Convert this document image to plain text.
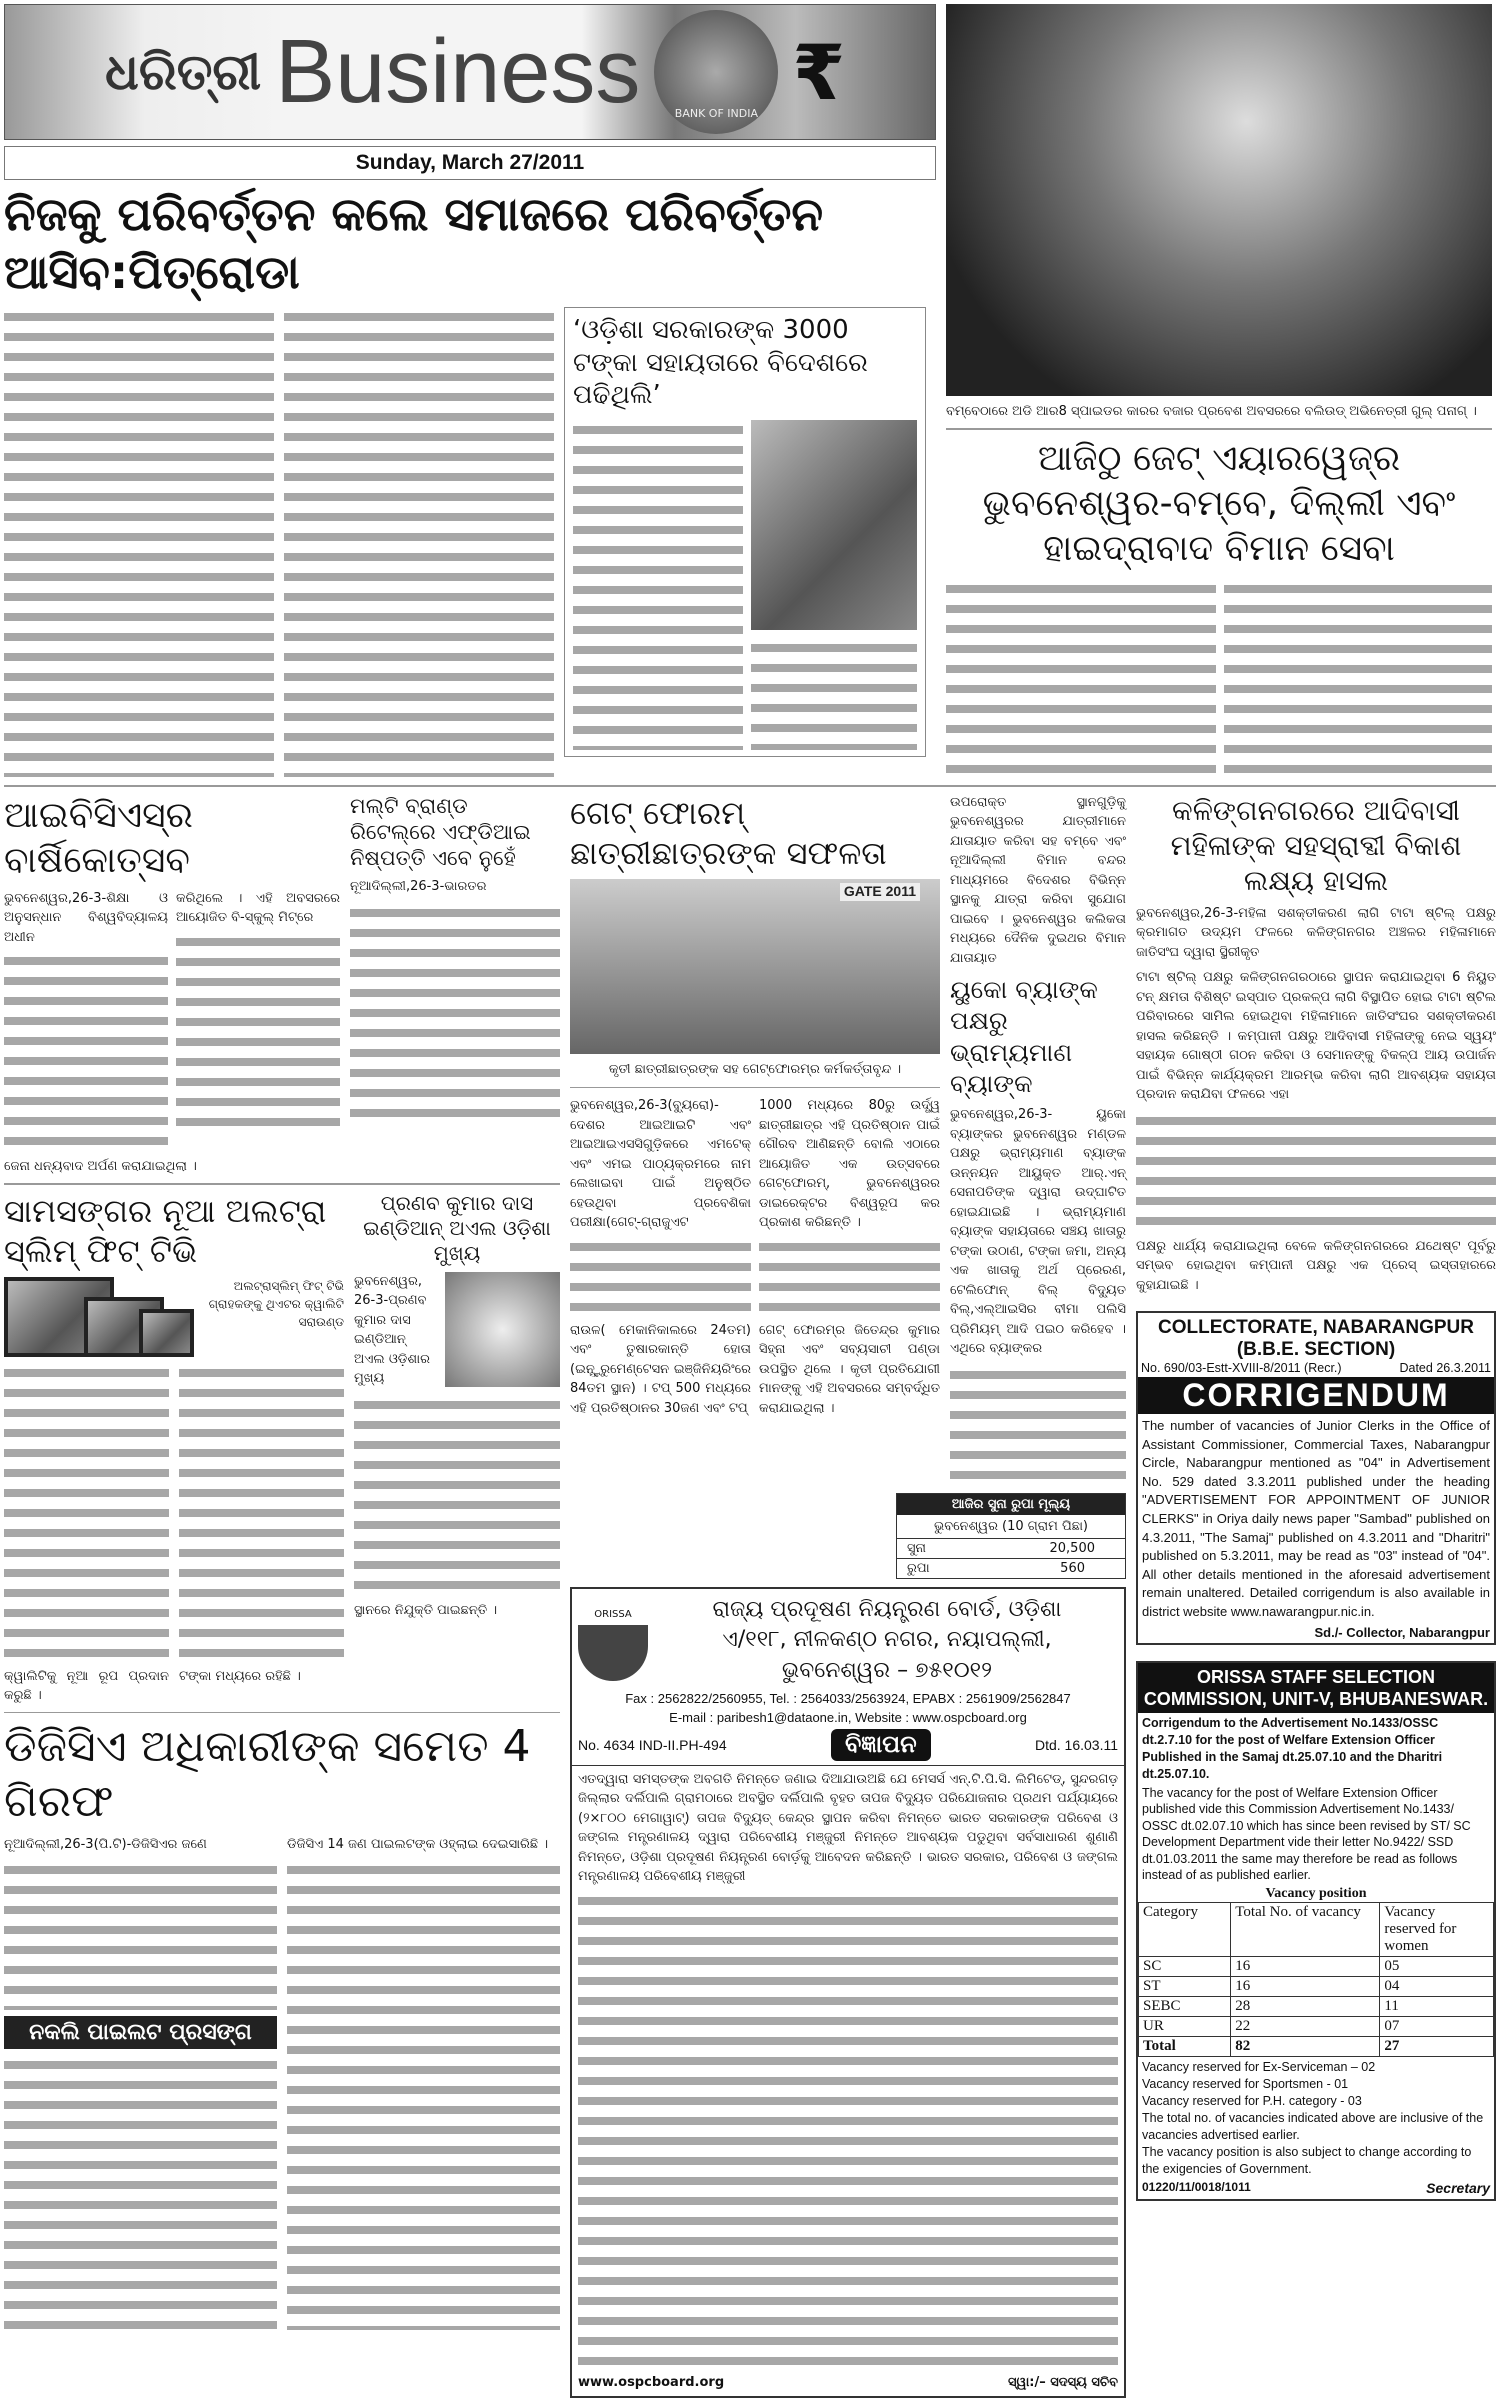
ଧରିତ୍ରୀ Business	BANK OF INDIA ₹
Sunday, March 27/2011
ନିଜକୁ ପରିବର୍ତ୍ତନ କଲେ ସମାଜରେ ପରିବର୍ତ୍ତନ ଆସିବ:ପିତ୍ରୋଡା
‘ଓଡ଼ିଶା ସରକାରଙ୍କ 3000 ଟଙ୍କା ସହାୟତାରେ ବିଦେଶରେ ପଢିଥିଲି’
ବମ୍ବେଠାରେ ଅଡି ଆର8 ସ୍ପାଇଡର କାରର ବଜାର ପ୍ରବେଶ ଅବସରରେ ବଲିଉଡ୍ ଅଭିନେତ୍ରୀ ଗୁଲ୍ ପନାଗ୍ ।
ଆଜିଠୁ ଜେଟ୍ ଏୟାରୱେଜ୍ର ଭୁବନେଶ୍ୱର-ବମ୍ବେ, ଦିଲ୍ଲୀ ଏବଂ ହାଇଦ୍ରାବାଦ ବିମାନ ସେବା
ଆଇବିସିଏସ୍ର ବାର୍ଷିକୋତ୍ସବ
ଭୁବନେଶ୍ୱର,26-3-ଶିକ୍ଷା ଓ ଅନୁସନ୍ଧାନ ବିଶ୍ୱବିଦ୍ୟାଳୟ ଅଧୀନ
କରିଥିଲେ । ଏହି ଅବସରରେ ଆୟୋଜିତ ବି-ସ୍କୁଲ୍ ମିଟ୍ରେ
ଜେନା ଧନ୍ୟବାଦ ଅର୍ପଣ କରାଯାଇଥିଲା ।
ମଲ୍ଟି ବ୍ରାଣ୍ଡ ରିଟେଲ୍ରେ ଏଫ୍ଡିଆଇ ନିଷ୍ପତ୍ତି ଏବେ ନୁହେଁ
ନୂଆଦିଲ୍ଲୀ,26-3-ଭାରତର
ସାମସଙ୍ଗର ନୂଆ ଅଲଟ୍ରା ସ୍ଲିମ୍ ଫିଟ୍ ଟିଭି
ଅଲଟ୍ରାସ୍ଲିମ୍ ଫିଟ୍ ଟିଭି ଗ୍ରାହକଙ୍କୁ ଥିଏଟର କ୍ୱାଲିଟି ସରାଉଣ୍ଡ
କ୍ୱାଲିଟିକୁ ନୂଆ ରୂପ ପ୍ରଦାନ କରୁଛି ।
ଟଙ୍କା ମଧ୍ୟରେ ରହିଛି ।
ପ୍ରଣବ କୁମାର ଦାସ ଇଣ୍ଡିଆନ୍ ଅଏଲ ଓଡ଼ିଶା ମୁଖ୍ୟ
ଭୁବନେଶ୍ୱର, 26-3-ପ୍ରଣବ କୁମାର ଦାସ ଇଣ୍ଡିଆନ୍ ଅଏଲ ଓଡ଼ିଶାର ମୁଖ୍ୟ
ସ୍ଥାନରେ ନିଯୁକ୍ତି ପାଇଛନ୍ତି ।
ଡିଜିସିଏ ଅଧିକାରୀଙ୍କ ସମେତ 4 ଗିରଫ
ନୂଆଦିଲ୍ଲୀ,26-3(ପି.ଟି)-ଡିଜିସିଏର ଜଣେ
ନକଲି ପାଇଲଟ ପ୍ରସଙ୍ଗ
ଡିଜିସିଏ 14 ଜଣ ପାଇଲଟଙ୍କ ଓହ୍ଲାଇ ଦେଇସାରିଛି ।
ଗେଟ୍ ଫୋରମ୍ ଛାତ୍ରୀଛାତ୍ରଙ୍କ ସଫଳତା
GATE 2011
କୃତୀ ଛାତ୍ରୀଛାତ୍ରଙ୍କ ସହ ଗେଟ୍ଫୋରମ୍ର କର୍ମକର୍ତ୍ତାବୃନ୍ଦ ।
ଭୁବନେଶ୍ୱର,26-3(ବ୍ୟୁରୋ)- ଦେଶର ଆଇଆଇଟି ଏବଂ ଆଇଆଇଏସସିଗୁଡ଼ିକରେ ଏମଟେକ୍ ଏବଂ ଏମଇ ପାଠ୍ୟକ୍ରମରେ ନାମ ଲେଖାଇବା ପାଇଁ ଅନୁଷ୍ଠିତ ହେଉଥିବା ପ୍ରବେଶିକା ପରୀକ୍ଷା(ଗେଟ୍-ଗ୍ରାଜୁଏଟ
ରାଉଳ( ମେକାନିକାଲରେ 24ତମ) ଏବଂ ତୁଷାରକାନ୍ତି ହୋତା (ଇନ୍ସ୍ଟ୍ରୁମେଣ୍ଟେସନ ଇଞ୍ଜିନିୟରିଂରେ 84ତମ ସ୍ଥାନ) । ଟପ୍ 500 ମଧ୍ୟରେ ଏହି ପ୍ରତିଷ୍ଠାନର 30ଜଣ ଏବଂ ଟପ୍
1000 ମଧ୍ୟରେ 80ରୁ ଉର୍ଦ୍ଧ୍ୱ ଛାତ୍ରୀଛାତ୍ର ଏହି ପ୍ରତିଷ୍ଠାନ ପାଇଁ ଗୌରବ ଆଣିଛନ୍ତି ବୋଲି ଏଠାରେ ଆୟୋଜିତ ଏକ ଉତ୍ସବରେ ଗେଟ୍ଫୋରମ୍, ଭୁବନେଶ୍ୱରର ଡାଇରେକ୍ଟର ବିଶ୍ୱରୂପ କର ପ୍ରକାଶ କରିଛନ୍ତି ।
ଗେଟ୍ ଫୋରମ୍ର ଜିତେନ୍ଦ୍ର କୁମାର ସିହ୍ନା ଏବଂ ସବ୍ୟସାଚୀ ପଣ୍ଡା ଉପସ୍ଥିତ ଥିଲେ । କୃତୀ ପ୍ରତିଯୋଗୀ ମାନଙ୍କୁ ଏହି ଅବସରରେ ସମ୍ବର୍ଦ୍ଧିତ କରାଯାଇଥିଲା ।
ଉପରୋକ୍ତ ସ୍ଥାନଗୁଡ଼ିକୁ ଭୁବନେଶ୍ୱରର ଯାତ୍ରୀମାନେ ଯାତାୟାତ କରିବା ସହ ବମ୍ବେ ଏବଂ ନୂଆଦିଲ୍ଲୀ ବିମାନ ବନ୍ଦର ମାଧ୍ୟମରେ ବିଦେଶର ବିଭିନ୍ନ ସ୍ଥାନକୁ ଯାତ୍ରା କରିବା ସୁଯୋଗ ପାଇବେ । ଭୁବନେଶ୍ୱର କଲିକତା ମଧ୍ୟରେ ଦୈନିକ ଦୁଇଥର ବିମାନ ଯାତାୟାତ
ୟୁକୋ ବ୍ୟାଙ୍କ ପକ୍ଷରୁ ଭ୍ରାମ୍ୟମାଣ ବ୍ୟାଙ୍କ
ଭୁବନେଶ୍ୱର,26-3- ୟୁକୋ ବ୍ୟାଙ୍କର ଭୁବନେଶ୍ୱର ମଣ୍ଡଳ ପକ୍ଷରୁ ଭ୍ରାମ୍ୟମାଣ ବ୍ୟାଙ୍କ ଉନ୍ନୟନ ଆୟୁକ୍ତ ଆର୍.ଏନ୍ ସେନାପତିଙ୍କ ଦ୍ୱାରା ଉଦ୍‌ଘାଟିତ ହୋଇଯାଇଛି । ଭ୍ରାମ୍ୟମାଣ ବ୍ୟାଙ୍କ ସହାୟତାରେ ସଞ୍ଚୟ ଖାତାରୁ ଟଙ୍କା ଉଠାଣ, ଟଙ୍କା ଜମା, ଅନ୍ୟ ଏକ ଖାତାକୁ ଅର୍ଥ ପ୍ରେରଣ, ଟେଲିଫୋନ୍ ବିଲ୍ ବିଦ୍ୟୁତ ବିଲ୍,ଏଲ୍ଆଇସିର ବୀମା ପଲିସି ପ୍ରିମିୟମ୍ ଆଦି ପଇଠ କରିହେବ । ଏଥିରେ ବ୍ୟାଙ୍କର
ଆଜିର ସୁନା ରୁପା ମୂଲ୍ୟ
ଭୁବନେଶ୍ୱର (10 ଗ୍ରାମ ପିଛା)
ସୁନା	20,500
ରୁପା	560
ORISSA	ରାଜ୍ୟ ପ୍ରଦୂଷଣ ନିୟନ୍ତ୍ରଣ ବୋର୍ଡ, ଓଡ଼ିଶା
ଏ/୧୧୮, ନୀଳକଣ୍ଠ ନଗର, ନୟାପଲ୍ଲୀ,
ଭୁବନେଶ୍ୱର – ୭୫୧୦୧୨
Fax : 2562822/2560955, Tel. : 2564033/2563924, EPABX : 2561909/2562847
E-mail : paribesh1@dataone.in, Website : www.ospcboard.org
No. 4634 IND-II.PH-494	ବିଜ୍ଞାପନ	Dtd. 16.03.11
ଏତଦ୍ୱାରା ସମସ୍ତଙ୍କ ଅବଗତି ନିମନ୍ତେ ଜଣାଇ ଦିଆଯାଉଅଛି ଯେ ମେସର୍ସ ଏନ୍.ଟି.ପି.ସି. ଲିମିଟେଡ୍, ସୁନ୍ଦରଗଡ଼ ଜିଲ୍ଲାର ଦର୍ଲିପାଲି ଗ୍ରାମଠାରେ ଅବସ୍ଥିତ ଦର୍ଲିପାଲି ବୃହତ ତାପଜ ବିଦ୍ୟୁତ ପରିଯୋଜନାର ପ୍ରଥମ ପର୍ଯ୍ୟାୟରେ (୨×୮୦୦ ମେଗାୱାଟ୍) ତାପଜ ବିଦ୍ୟୁତ୍ କେନ୍ଦ୍ର ସ୍ଥାପନ କରିବା ନିମନ୍ତେ ଭାରତ ସରକାରଙ୍କ ପରିବେଶ ଓ ଜଙ୍ଗଲ ମନ୍ତ୍ରଣାଳୟ ଦ୍ୱାରା ପରିବେଶୀୟ ମଞ୍ଜୁରୀ ନିମନ୍ତେ ଆବଶ୍ୟକ ପଡୁଥିବା ସର୍ବସାଧାରଣ ଶୁଣାଣି ନିମନ୍ତେ, ଓଡ଼ିଶା ପ୍ରଦୂଷଣ ନିୟନ୍ତ୍ରଣ ବୋର୍ଡ଼କୁ ଆବେଦନ କରିଛନ୍ତି । ଭାରତ ସରକାର, ପରିବେଶ ଓ ଜଙ୍ଗଲ ମନ୍ତ୍ରଣାଳୟ ପରିବେଶୀୟ ମଞ୍ଜୁରୀ
www.ospcboard.org	ସ୍ୱା:/– ସଦସ୍ୟ ସଚିବ
କଳିଙ୍ଗନଗରରେ ଆଦିବାସୀ ମହିଳାଙ୍କ ସହସ୍ରାବ୍ଦୀ ବିକାଶ ଲକ୍ଷ୍ୟ ହାସଲ
ଭୁବନେଶ୍ୱର,26-3-ମହିଳା ସଶକ୍ତୀକରଣ ଲାଗି ଟାଟା ଷ୍ଟିଲ୍ ପକ୍ଷରୁ କ୍ରମାଗତ ଉଦ୍ୟମ ଫଳରେ କଳିଙ୍ଗନଗର ଅଞ୍ଚଳର ମହିଳାମାନେ ଜାତିସଂଘ ଦ୍ୱାରା ସ୍ଥିରୀକୃତ
ଟାଟା ଷ୍ଟିଲ୍ ପକ୍ଷରୁ କଳିଙ୍ଗନଗରଠାରେ ସ୍ଥାପନ କରାଯାଇଥିବା 6 ନିୟୁତ ଟନ୍ କ୍ଷମତା ବିଶିଷ୍ଟ ଇସ୍ପାତ ପ୍ରକଳ୍ପ ଲାଗି ବିସ୍ଥାପିତ ହୋଇ ଟାଟା ଷ୍ଟିଲ ପରିବାରରେ ସାମିଲ ହୋଇଥିବା ମହିଳାମାନେ ଜାତିସଂଘର ସଶକ୍ତୀକରଣ ହାସଲ କରିଛନ୍ତି । କମ୍ପାନୀ ପକ୍ଷରୁ ଆଦିବାସୀ ମହିଳାଙ୍କୁ ନେଇ ସ୍ୱୟଂ ସହାୟକ ଗୋଷ୍ଠୀ ଗଠନ କରିବା ଓ ସେମାନଙ୍କୁ ବିକଳ୍ପ ଆୟ ଉପାର୍ଜନ ପାଇଁ ବିଭିନ୍ନ କାର୍ଯ୍ୟକ୍ରମ ଆରମ୍ଭ କରିବା ଲାଗି ଆବଶ୍ୟକ ସହାୟତା ପ୍ରଦାନ କରାଯିବା ଫଳରେ ଏହା
ପକ୍ଷରୁ ଧାର୍ଯ୍ୟ କରାଯାଇଥିଲା ବେଳେ କଳିଙ୍ଗନଗରରେ ଯଥେଷ୍ଟ ପୂର୍ବରୁ ସମ୍ଭବ ହୋଇଥିବା କମ୍ପାନୀ ପକ୍ଷରୁ ଏକ ପ୍ରେସ୍ ଇସ୍ତାହାରରେ କୁହାଯାଇଛି ।
COLLECTORATE, NABARANGPUR
(B.B.E. SECTION)
No. 690/03-Estt-XVIII-8/2011 (Recr.)	Dated 26.3.2011
CORRIGENDUM
The number of vacancies of Junior Clerks in the Office of Assistant Commissioner, Commercial Taxes, Nabarangpur Circle, Nabarangpur mentioned as "04" in Advertisement No. 529 dated 3.3.2011 published under the heading "ADVERTISEMENT FOR APPOINTMENT OF JUNIOR CLERKS" in Oriya daily news paper "Sambad" published on 4.3.2011, "The Samaj" published on 4.3.2011 and "Dharitri" published on 5.3.2011, may be read as "03" instead of "04". All other details mentioned in the aforesaid advertisement remain unaltered. Detailed corrigendum is also available in district website www.nawarangpur.nic.in.
Sd./- Collector, Nabarangpur
ORISSA STAFF SELECTION COMMISSION, UNIT-V, BHUBANESWAR.
Corrigendum to the Advertisement No.1433/OSSC dt.2.7.10 for the post of Welfare Extension Officer Published in the Samaj dt.25.07.10 and the Dharitri dt.25.07.10.
The vacancy for the post of Welfare Extension Officer published vide this Commission Advertisement No.1433/ OSSC dt.02.07.10 which has since been revised by ST/ SC Development Department vide their letter No.9422/ SSD dt.01.03.2011 the same may therefore be read as follows instead of as published earlier.
Vacancy position
Category	Total No. of vacancy	Vacancy reserved for women
SC	16	05
ST	16	04
SEBC	28	11
UR	22	07
Total	82	27
Vacancy reserved for Ex-Serviceman – 02
Vacancy reserved for Sportsmen - 01
Vacancy reserved for P.H. category - 03
The total no. of vacancies indicated above are inclusive of the vacancies advertised earlier.
The vacancy position is also subject to change according to the exigencies of Government.
01220/11/0018/1011	Secretary
